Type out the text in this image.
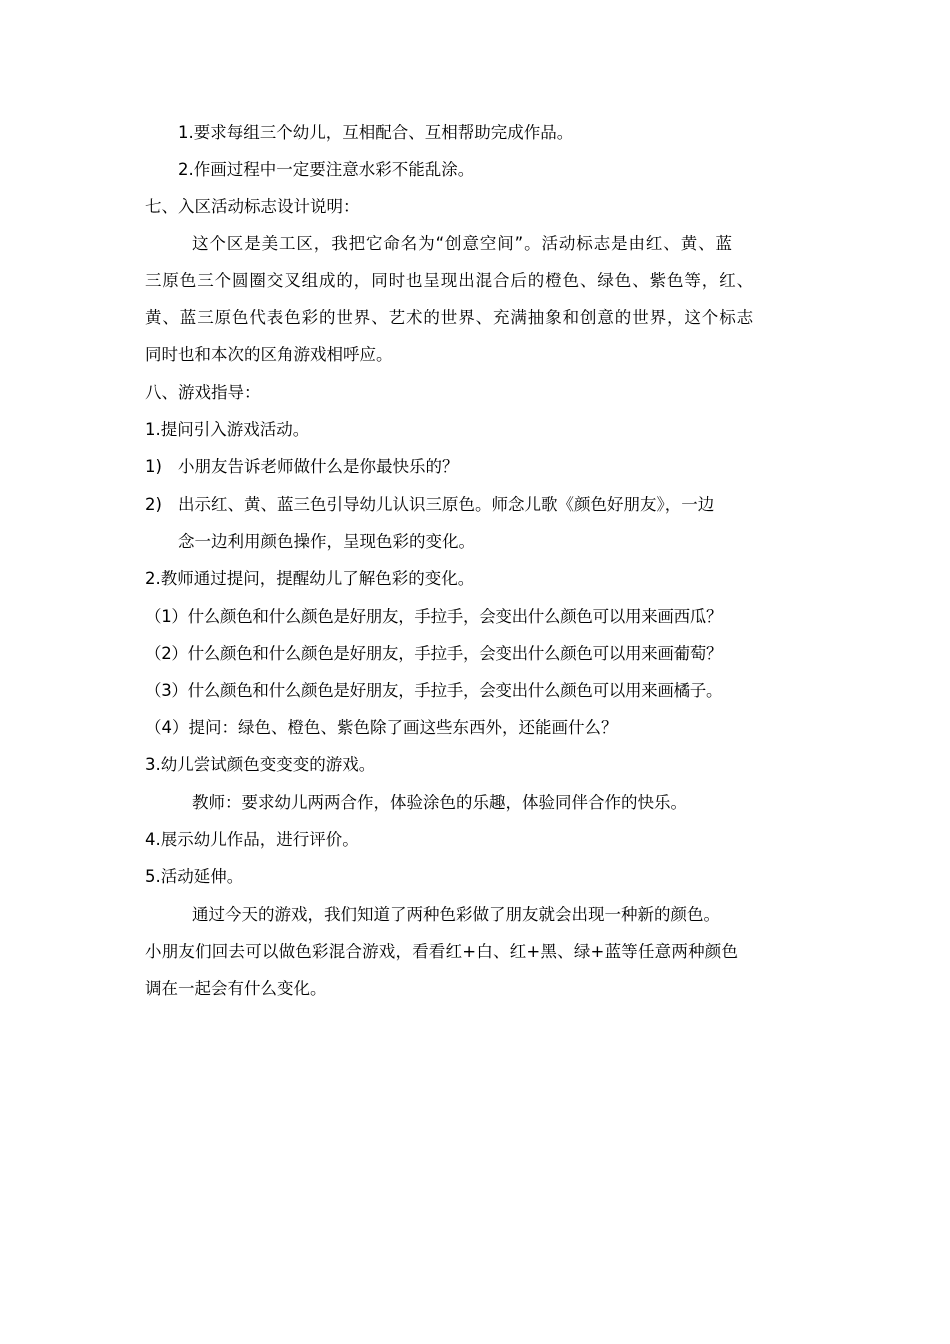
1.要求每组三个幼儿，互相配合、互相帮助完成作品。
2.作画过程中一定要注意水彩不能乱涂。
七、入区活动标志设计说明：
这个区是美工区，我把它命名为“创意空间”。活动标志是由红、黄、蓝
三原色三个圆圈交叉组成的，同时也呈现出混合后的橙色、绿色、紫色等，红、
黄、蓝三原色代表色彩的世界、艺术的世界、充满抽象和创意的世界，这个标志
同时也和本次的区角游戏相呼应。
八、游戏指导：
1.提问引入游戏活动。
1) 小朋友告诉老师做什么是你最快乐的？
2) 出示红、黄、蓝三色引导幼儿认识三原色。师念儿歌《颜色好朋友》，一边
念一边利用颜色操作，呈现色彩的变化。
2.教师通过提问，提醒幼儿了解色彩的变化。
（1）什么颜色和什么颜色是好朋友，手拉手，会变出什么颜色可以用来画西瓜？
（2）什么颜色和什么颜色是好朋友，手拉手，会变出什么颜色可以用来画葡萄？
（3）什么颜色和什么颜色是好朋友，手拉手，会变出什么颜色可以用来画橘子。
（4）提问：绿色、橙色、紫色除了画这些东西外，还能画什么？
3.幼儿尝试颜色变变变的游戏。
教师：要求幼儿两两合作，体验涂色的乐趣，体验同伴合作的快乐。
4.展示幼儿作品，进行评价。
5.活动延伸。
通过今天的游戏，我们知道了两种色彩做了朋友就会出现一种新的颜色。
小朋友们回去可以做色彩混合游戏，看看红+白、红+黑、绿+蓝等任意两种颜色
调在一起会有什么变化。
